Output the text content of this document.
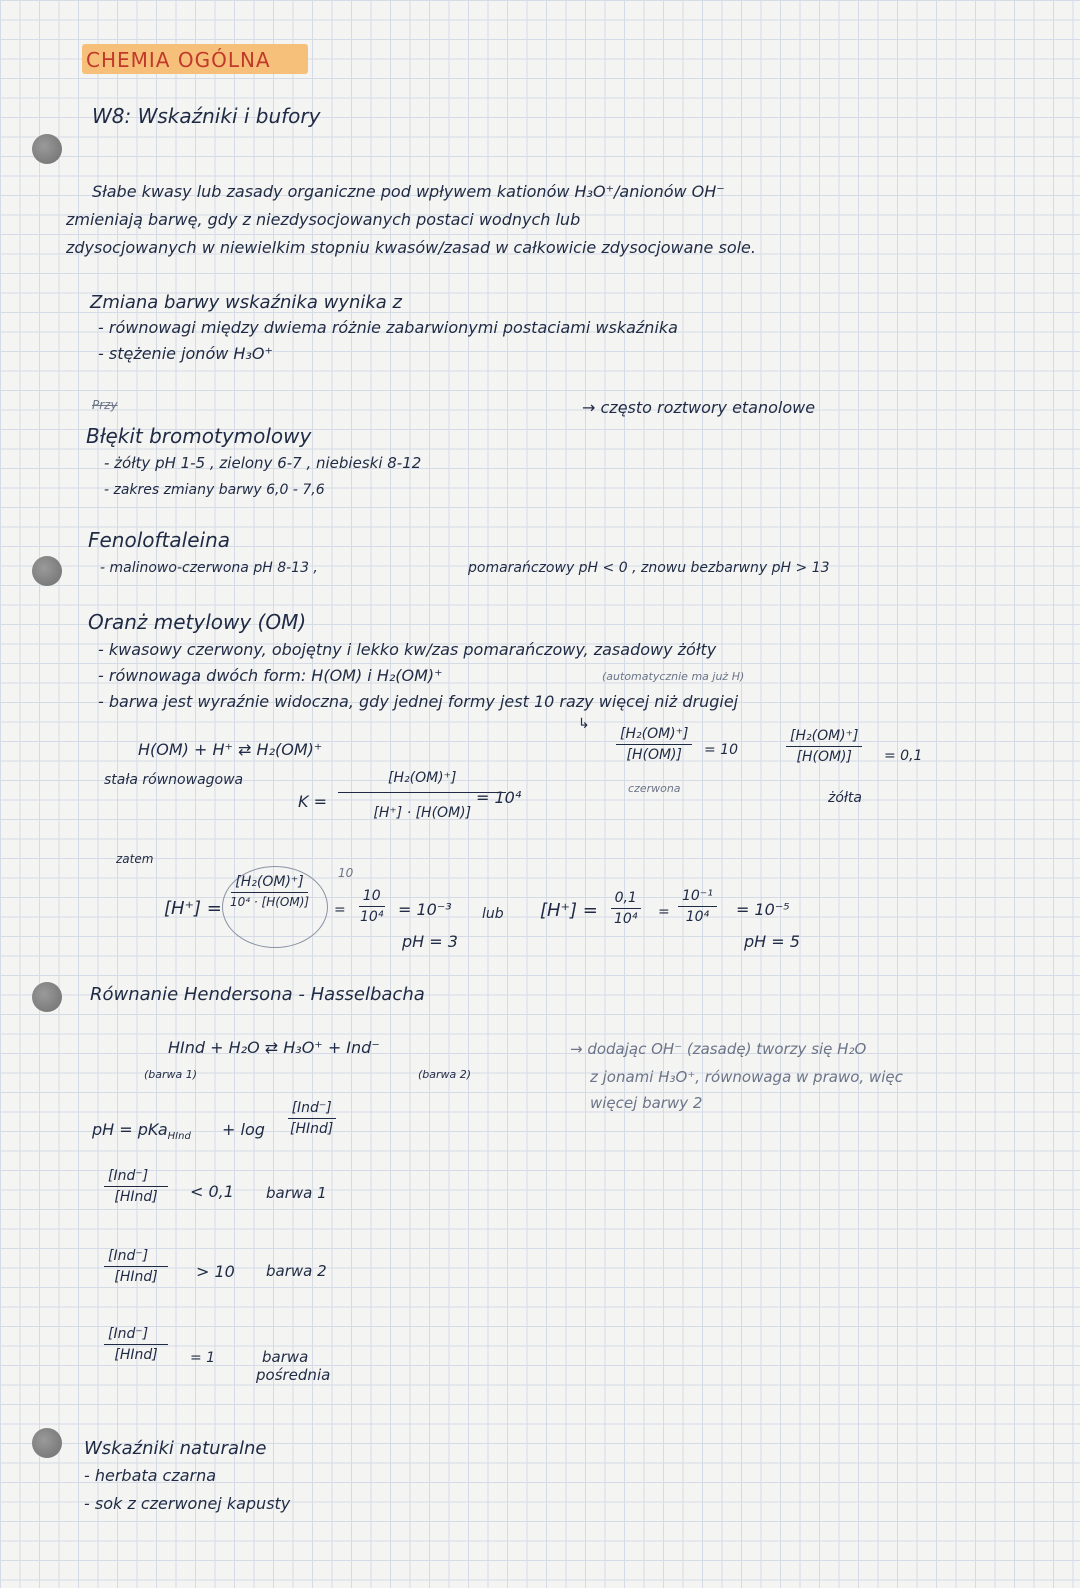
CHEMIA OGÓLNA
W8: Wskaźniki i bufory
Słabe kwasy lub zasady organiczne pod wpływem kationów H₃O⁺/anionów OH⁻
zmieniają barwę, gdy z niezdysocjowanych postaci wodnych lub
zdysocjowanych w niewielkim stopniu kwasów/zasad w całkowicie zdysocjowane sole.
Zmiana barwy wskaźnika wynika z
- równowagi między dwiema różnie zabarwionymi postaciami wskaźnika
- stężenie jonów H₃O⁺
→ często roztwory etanolowe
Przy
Błękit bromotymolowy
- żółty pH 1-5 , zielony 6-7 , niebieski 8-12
- zakres zmiany barwy 6,0 - 7,6
Fenoloftaleina
- malinowo-czerwona pH 8-13 ,	pomarańczowy pH < 0 , znowu bezbarwny pH > 13
Oranż metylowy (OM)
- kwasowy czerwony, obojętny i lekko kw/zas pomarańczowy, zasadowy żółty
- równowaga dwóch form: H(OM) i H₂(OM)⁺	(automatycznie ma już H)
- barwa jest wyraźnie widoczna, gdy jednej formy jest 10 razy więcej niż drugiej
↳
$\frac{\text{[H₂(OM)⁺]}}{[H(OM)]} = 10$
czerwona
$\frac{\text{[H₂(OM)⁺]}}{[H(OM)]} = 0,1$
żółta
H(OM) + H⁺ ⇄ H₂(OM)⁺
stała równowagowa
$K = \frac{\text{[H₂(OM)⁺]}}{[H^+] \cdot [H(OM)]}$
= 10⁴
zatem
$[H^+] = \frac{\text{[H₂(OM)⁺]}}{\text{10⁴ · [H(OM)]}}$
10
= $\frac{10}{\text{10⁴}} = 10^{-3}$
pH = 3
lub $[H^+] = \frac{0,1}{\text{10⁴}} = \frac{\text{10⁻¹}}{\text{10⁴}} = 10^{-5}$
pH = 5
Równanie Hendersona - Hasselbacha
HInd + H₂O ⇄ H₃O⁺ + Ind⁻
(barwa 1)	(barwa 2)
→ dodając OH⁻ (zasadę) tworzy się H₂O
z jonami H₃O⁺, równowaga w prawo, więc
więcej barwy 2
pH = pKa$_{HInd}$ + log
[Ind⁻]
[HInd]
[Ind⁻]
[HInd] < 0,1 barwa 1
[Ind⁻]
[HInd] > 10 barwa 2
[Ind⁻]
[HInd] = 1	barwa
pośrednia
Wskaźniki naturalne
- herbata czarna
- sok z czerwonej kapusty
